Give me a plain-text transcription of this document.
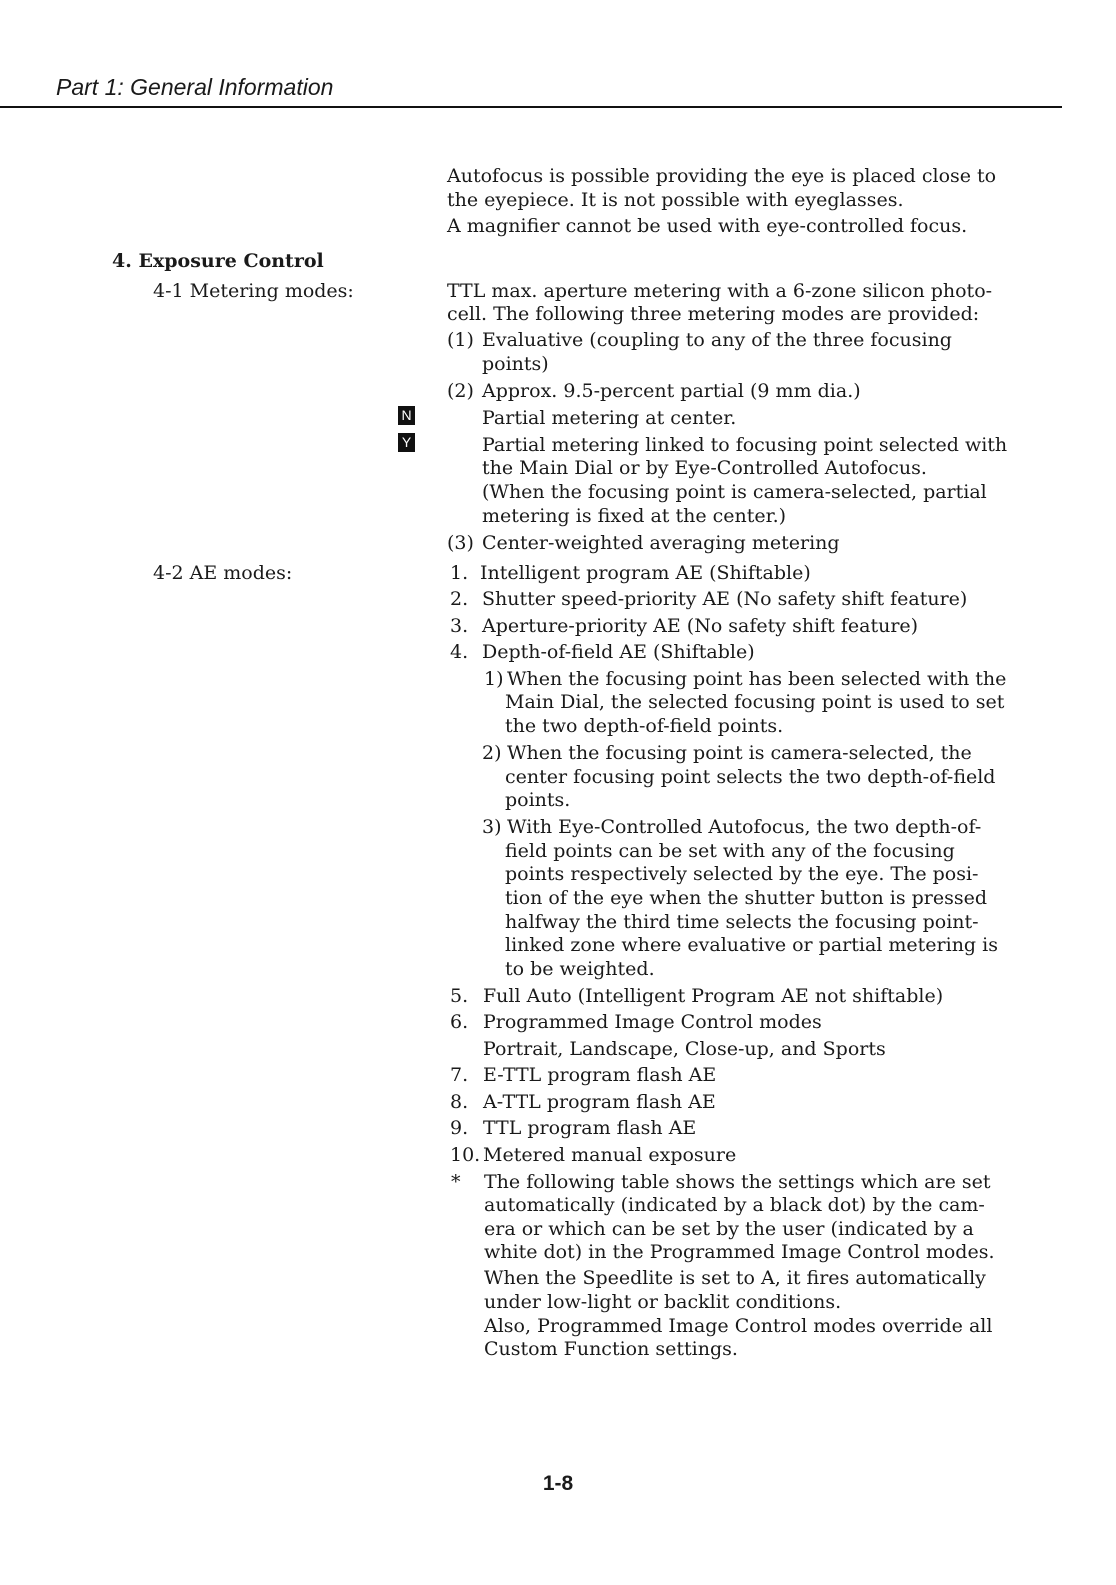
Part 1: General Information
Autofocus is possible providing the eye is placed close to
the eyepiece. It is not possible with eyeglasses.
A magnifier cannot be used with eye-controlled focus.
4. Exposure Control
4-1 Metering modes:
4-2 AE modes:
TTL max. aperture metering with a 6-zone silicon photo-
cell. The following three metering modes are provided:
(1) Evaluative (coupling to any of the three focusing
points)
(2) Approx. 9.5-percent partial (9 mm dia.)
N	Partial metering at center.
Y	Partial metering linked to focusing point selected with
the Main Dial or by Eye-Controlled Autofocus.
(When the focusing point is camera-selected, partial
metering is fixed at the center.)
(3) Center-weighted averaging metering
1. Intelligent program AE (Shiftable)
2. Shutter speed-priority AE (No safety shift feature)
3. Aperture-priority AE (No safety shift feature)
4. Depth-of-field AE (Shiftable)
1) When the focusing point has been selected with the
Main Dial, the selected focusing point is used to set
the two depth-of-field points.
2) When the focusing point is camera-selected, the
center focusing point selects the two depth-of-field
points.
3) With Eye-Controlled Autofocus, the two depth-of-
field points can be set with any of the focusing
points respectively selected by the eye. The posi-
tion of the eye when the shutter button is pressed
halfway the third time selects the focusing point-
linked zone where evaluative or partial metering is
to be weighted.
5. Full Auto (Intelligent Program AE not shiftable)
6. Programmed Image Control modes
Portrait, Landscape, Close-up, and Sports
7. E-TTL program flash AE
8. A-TTL program flash AE
9. TTL program flash AE
10. Metered manual exposure
* The following table shows the settings which are set
automatically (indicated by a black dot) by the cam-
era or which can be set by the user (indicated by a
white dot) in the Programmed Image Control modes.
When the Speedlite is set to A, it fires automatically
under low-light or backlit conditions.
Also, Programmed Image Control modes override all
Custom Function settings.
1-8
